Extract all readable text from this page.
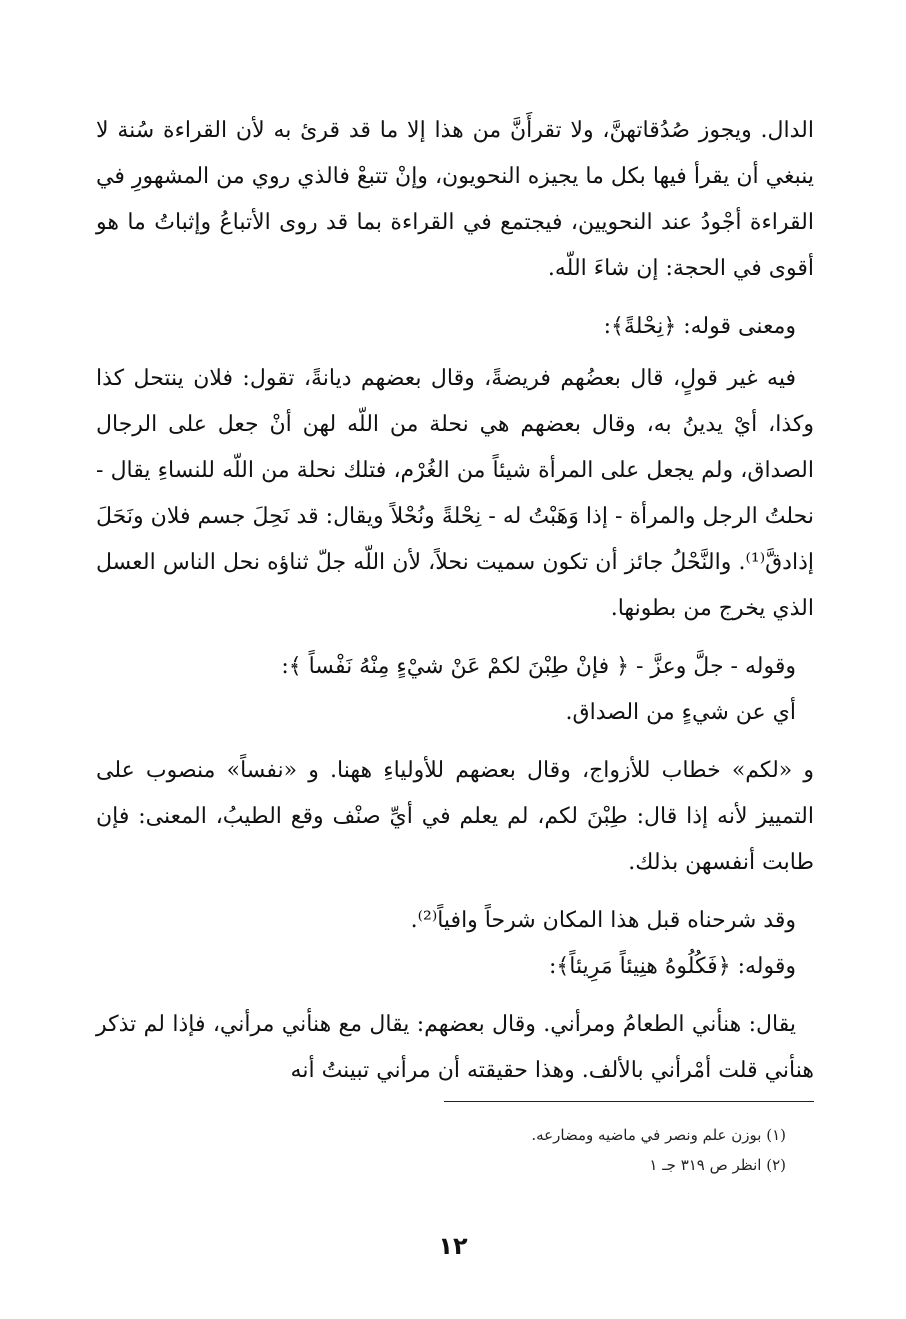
الدال. ويجوز صُدُقاتهنَّ، ولا تقرأَنَّ من هذا إلا ما قد قرئ به لأن القراءة سُنة لا ينبغي أن يقرأ فيها بكل ما يجيزه النحويون، وإنْ تتبعْ فالذي روي من المشهورِ في القراءة أجْودُ عند النحويين، فيجتمع في القراءة بما قد روى الأتباعُ وإثباتُ ما هو أقوى في الحجة: إن شاءَ اللّه.

ومعنى قوله: ﴿نِحْلةً﴾:

فيه غير قولٍ، قال بعضُهم فريضةً، وقال بعضهم ديانةً، تقول: فلان ينتحل كذا وكذا، أيْ يدينُ به، وقال بعضهم هي نحلة من اللّه لهن أنْ جعل على الرجال الصداق، ولم يجعل على المرأة شيئاً من الغُرْم، فتلك نحلة من اللّه للنساءِ يقال - نحلتُ الرجل والمرأة - إذا وَهَبْتُ له - نِحْلةً ونُحْلاً ويقال: قد نَحِلَ جسم فلان ونَحَلَ إذادقَّ⁽¹⁾. والنَّحْلُ جائز أن تكون سميت نحلاً، لأن اللّه جلّ ثناؤه نحل الناس العسل الذي يخرج من بطونها.

وقوله - جلَّ وعزَّ - ﴿ فإنْ طِبْنَ لكمْ عَنْ شيْءٍ مِنْهُ نَفْساً ﴾:

أي عن شيءٍ من الصداق.

و «لكم» خطاب للأزواج، وقال بعضهم للأولياءِ ههنا. و «نفساً» منصوب على التمييز لأنه إذا قال: طِبْنَ لكم، لم يعلم في أيِّ صنْف وقع الطيبُ، المعنى: فإن طابت أنفسهن بذلك.

وقد شرحناه قبل هذا المكان شرحاً وافياً⁽²⁾.

وقوله: ﴿فَكُلُوهُ هنِيئاً مَرِيئاً﴾:

يقال: هنأني الطعامُ ومرأني. وقال بعضهم: يقال مع هنأني مرأني، فإذا لم تذكر هنأني قلت أمْرأني بالألف. وهذا حقيقته أن مرأني تبينتُ أنه

(١) بوزن علم ونصر في ماضيه ومضارعه.

(٢) انظر ص ٣١٩ جـ ١

١٢
